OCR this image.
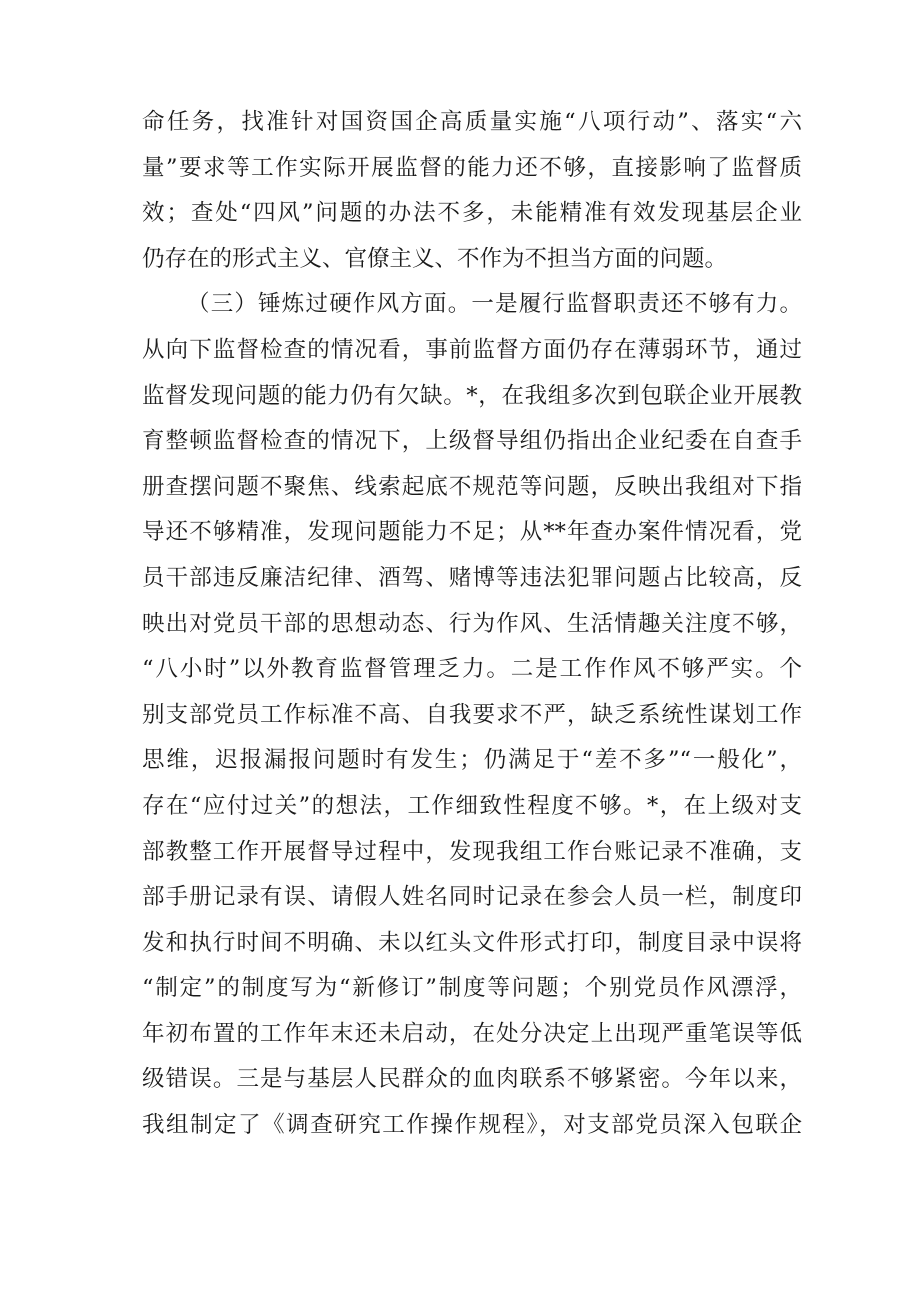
命任务，找准针对国资国企高质量实施“八项行动”、落实“六
量”要求等工作实际开展监督的能力还不够，直接影响了监督质
效；查处“四风”问题的办法不多，未能精准有效发现基层企业
仍存在的形式主义、官僚主义、不作为不担当方面的问题。
（三）锤炼过硬作风方面。一是履行监督职责还不够有力。
从向下监督检查的情况看，事前监督方面仍存在薄弱环节，通过
监督发现问题的能力仍有欠缺。*，在我组多次到包联企业开展教
育整顿监督检查的情况下，上级督导组仍指出企业纪委在自查手
册查摆问题不聚焦、线索起底不规范等问题，反映出我组对下指
导还不够精准，发现问题能力不足；从**年查办案件情况看，党
员干部违反廉洁纪律、酒驾、赌博等违法犯罪问题占比较高，反
映出对党员干部的思想动态、行为作风、生活情趣关注度不够，
“八小时”以外教育监督管理乏力。二是工作作风不够严实。个
别支部党员工作标准不高、自我要求不严，缺乏系统性谋划工作
思维，迟报漏报问题时有发生；仍满足于“差不多”“一般化”，
存在“应付过关”的想法，工作细致性程度不够。*，在上级对支
部教整工作开展督导过程中，发现我组工作台账记录不准确，支
部手册记录有误、请假人姓名同时记录在参会人员一栏，制度印
发和执行时间不明确、未以红头文件形式打印，制度目录中误将
“制定”的制度写为“新修订”制度等问题；个别党员作风漂浮，
年初布置的工作年末还未启动，在处分决定上出现严重笔误等低
级错误。三是与基层人民群众的血肉联系不够紧密。今年以来，
我组制定了《调查研究工作操作规程》，对支部党员深入包联企
